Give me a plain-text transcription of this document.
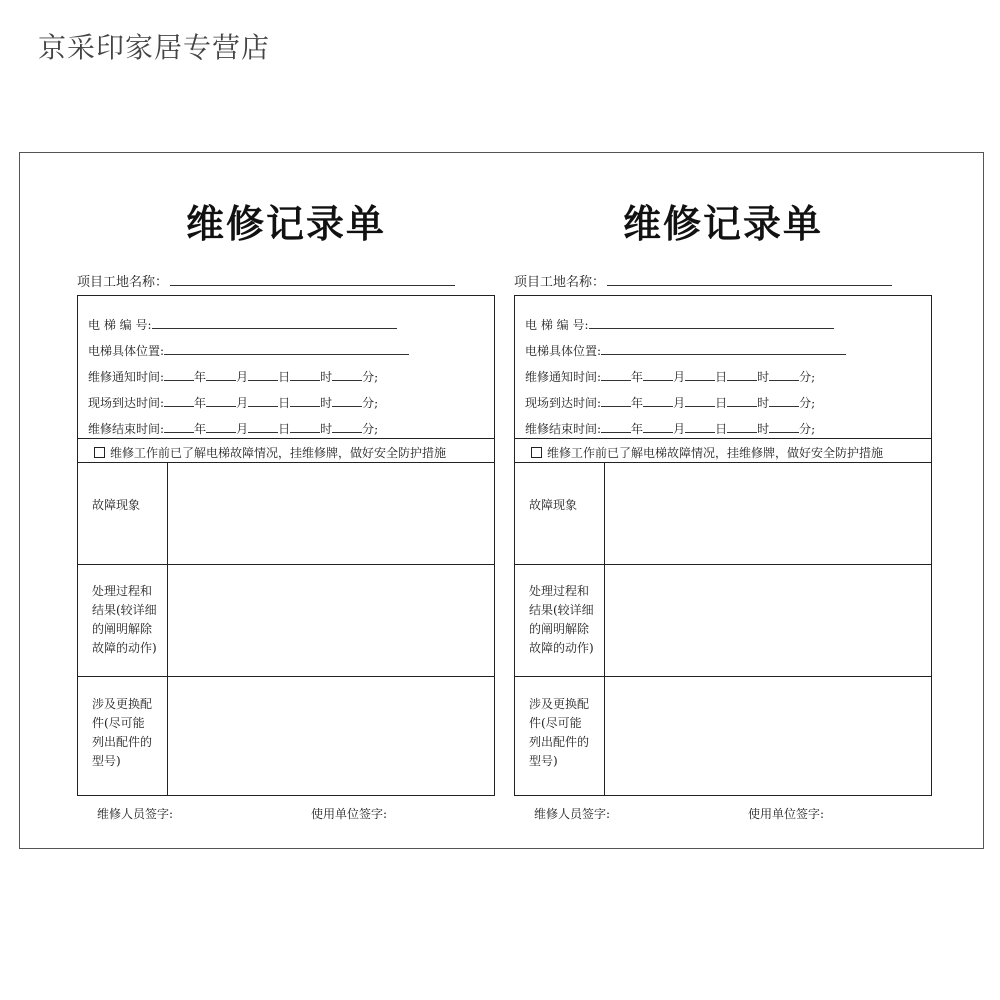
京采印家居专营店
维修记录单
项目工地名称：
电 梯 编 号:
电梯具体位置:
维修通知时间:	年	月	日	时	分;
现场到达时间:	年	月	日	时	分;
维修结束时间:	年	月	日	时	分;
维修工作前已了解电梯故障情况，挂维修牌，做好安全防护措施
故障现象
处理过程和
结果(较详细
的阐明解除
故障的动作)
涉及更换配
件(尽可能
列出配件的
型号)
维修人员签字:	使用单位签字:
维修记录单
项目工地名称：
电 梯 编 号:
电梯具体位置:
维修通知时间:	年	月	日	时	分;
现场到达时间:	年	月	日	时	分;
维修结束时间:	年	月	日	时	分;
维修工作前已了解电梯故障情况，挂维修牌，做好安全防护措施
故障现象
处理过程和
结果(较详细
的阐明解除
故障的动作)
涉及更换配
件(尽可能
列出配件的
型号)
维修人员签字:	使用单位签字:
